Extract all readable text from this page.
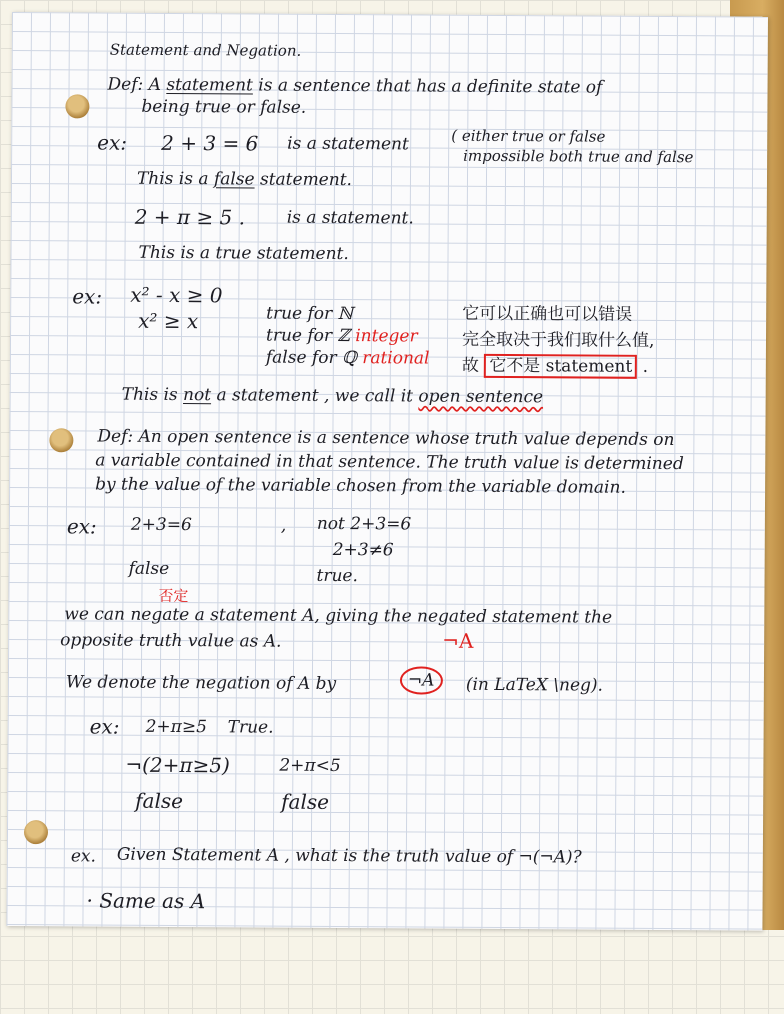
Statement and Negation.
Def: A statement is a sentence that has a definite state of
being true or false.
ex: 2 + 3 = 6 is a statement	( either true or false
impossible both true and false
This is a false statement.
2 + π ≥ 5 . is a statement.
This is a true statement.
ex: x² - x ≥ 0
x² ≥ x	true for ℕ
true for ℤ integer
false for ℚ rational
它可以正确也可以错误
完全取决于我们取什么值,
故 它不是 statement .
This is not a statement , we call it open sentence
Def: An open sentence is a sentence whose truth value depends on
a variable contained in that sentence. The truth value is determined
by the value of the variable chosen from the variable domain.
ex: 2+3=6	, not 2+3=6
2+3≠6
false	true.
否定
we can negate a statement A, giving the negated statement the
opposite truth value as A.	¬A
We denote the negation of A by	¬A	(in LaTeX \neg).
ex: 2+π≥5 True.
¬(2+π≥5)	2+π<5
false	false
ex. Given Statement A , what is the truth value of ¬(¬A)?
· Same as A
